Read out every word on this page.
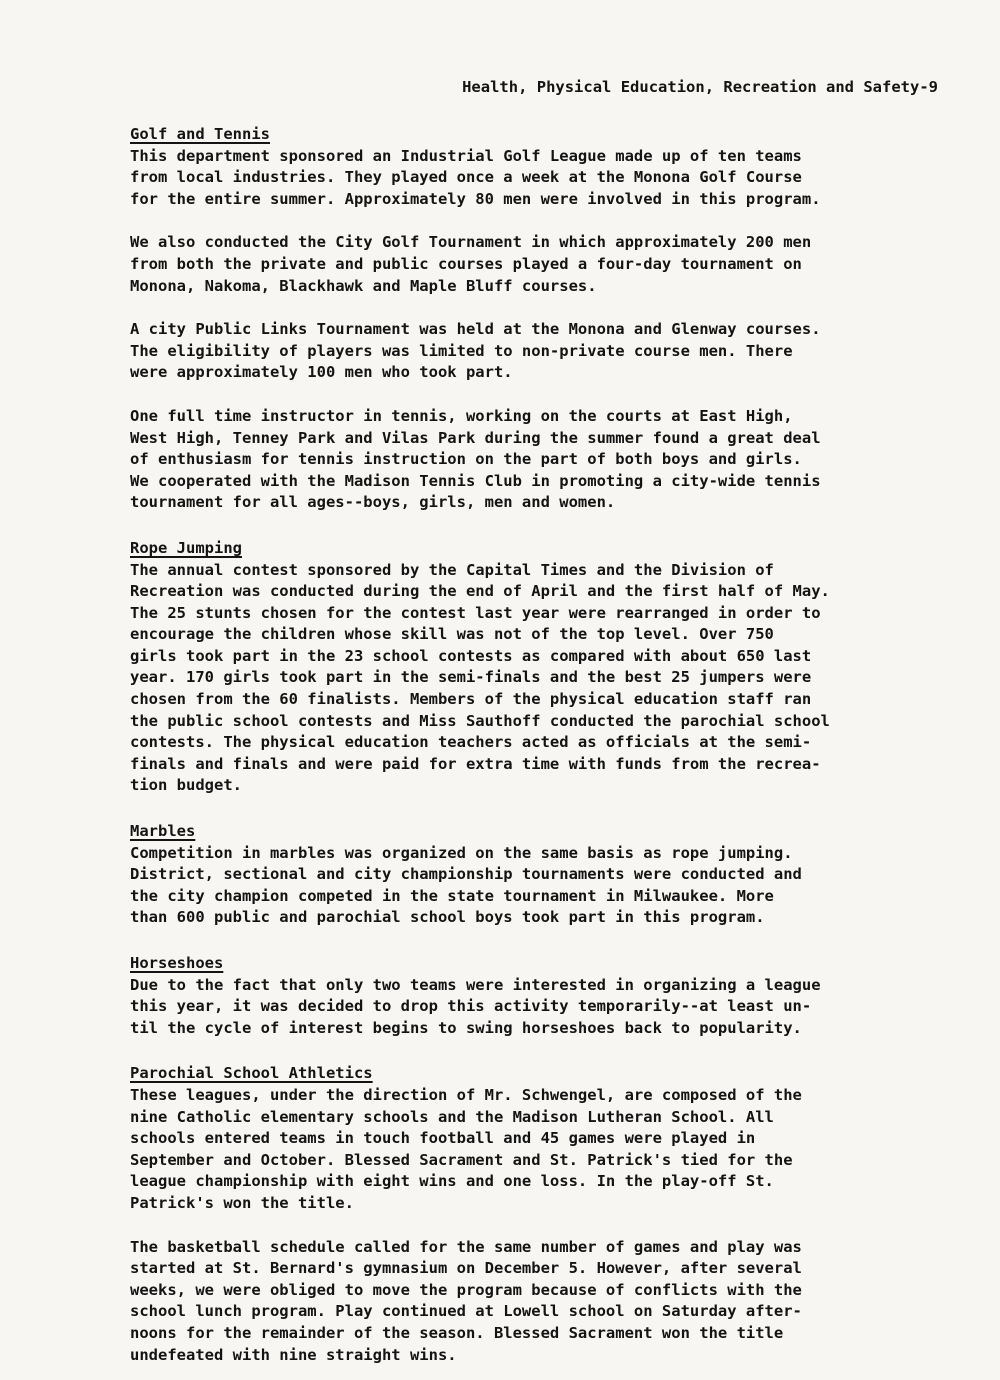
Health, Physical Education, Recreation and Safety-9
Golf and Tennis
This department sponsored an Industrial Golf League made up of ten teams
from local industries. They played once a week at the Monona Golf Course
for the entire summer. Approximately 80 men were involved in this program.
We also conducted the City Golf Tournament in which approximately 200 men
from both the private and public courses played a four-day tournament on
Monona, Nakoma, Blackhawk and Maple Bluff courses.
A city Public Links Tournament was held at the Monona and Glenway courses.
The eligibility of players was limited to non-private course men. There
were approximately 100 men who took part.
One full time instructor in tennis, working on the courts at East High,
West High, Tenney Park and Vilas Park during the summer found a great deal
of enthusiasm for tennis instruction on the part of both boys and girls.
We cooperated with the Madison Tennis Club in promoting a city-wide tennis
tournament for all ages--boys, girls, men and women.
Rope Jumping
The annual contest sponsored by the Capital Times and the Division of
Recreation was conducted during the end of April and the first half of May.
The 25 stunts chosen for the contest last year were rearranged in order to
encourage the children whose skill was not of the top level. Over 750
girls took part in the 23 school contests as compared with about 650 last
year. 170 girls took part in the semi-finals and the best 25 jumpers were
chosen from the 60 finalists. Members of the physical education staff ran
the public school contests and Miss Sauthoff conducted the parochial school
contests. The physical education teachers acted as officials at the semi-
finals and finals and were paid for extra time with funds from the recrea-
tion budget.
Marbles
Competition in marbles was organized on the same basis as rope jumping.
District, sectional and city championship tournaments were conducted and
the city champion competed in the state tournament in Milwaukee. More
than 600 public and parochial school boys took part in this program.
Horseshoes
Due to the fact that only two teams were interested in organizing a league
this year, it was decided to drop this activity temporarily--at least un-
til the cycle of interest begins to swing horseshoes back to popularity.
Parochial School Athletics
These leagues, under the direction of Mr. Schwengel, are composed of the
nine Catholic elementary schools and the Madison Lutheran School. All
schools entered teams in touch football and 45 games were played in
September and October. Blessed Sacrament and St. Patrick's tied for the
league championship with eight wins and one loss. In the play-off St.
Patrick's won the title.
The basketball schedule called for the same number of games and play was
started at St. Bernard's gymnasium on December 5. However, after several
weeks, we were obliged to move the program because of conflicts with the
school lunch program. Play continued at Lowell school on Saturday after-
noons for the remainder of the season. Blessed Sacrament won the title
undefeated with nine straight wins.
